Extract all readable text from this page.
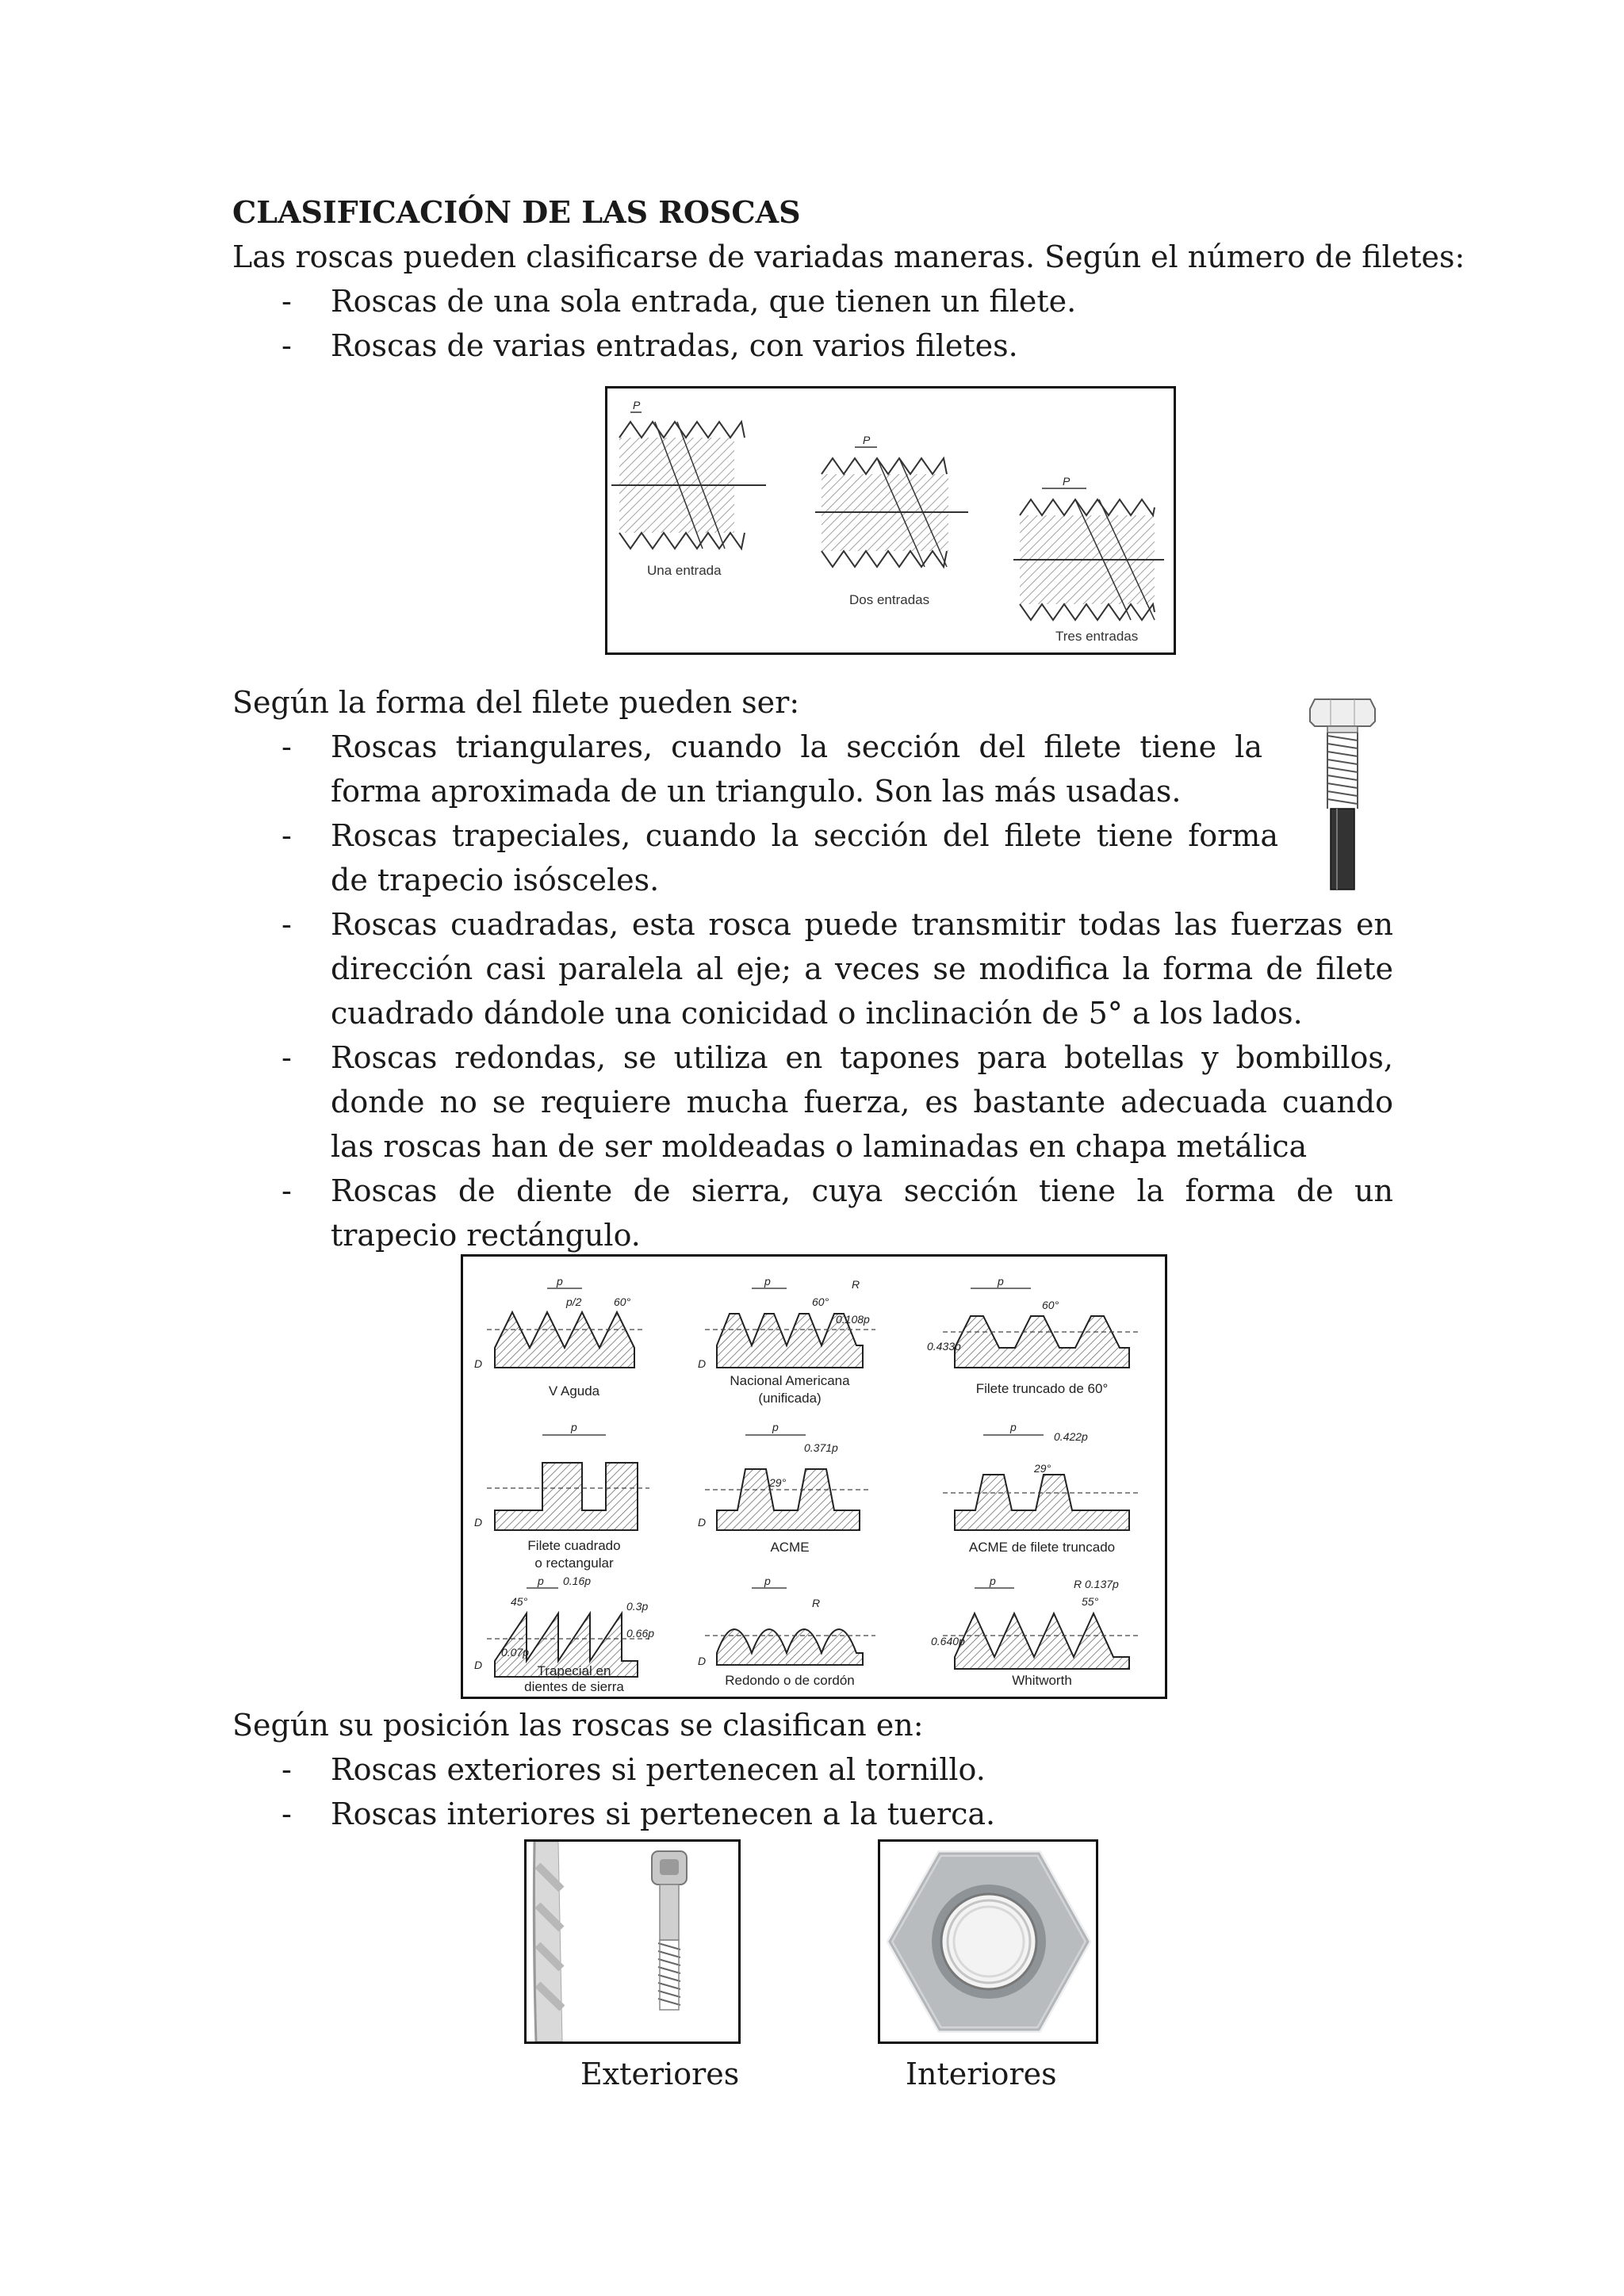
CLASIFICACIÓN DE LAS ROSCAS

Las roscas pueden clasificarse de variadas maneras. Según el número de filetes:

- Roscas de una sola entrada, que tienen un filete.
- Roscas de varias entradas, con varios filetes.
P
Una entrada
P
Dos entradas
P
Tres entradas

Según la forma del filete pueden ser:

- Roscas triangulares, cuando la sección del filete tiene la forma aproximada de un triangulo. Son las más usadas.
- Roscas trapeciales, cuando la sección del filete tiene forma de trapecio isósceles.
- Roscas cuadradas, esta rosca puede transmitir todas las fuerzas en dirección casi paralela al eje; a veces se modifica la forma de filete cuadrado dándole una conicidad o inclinación de 5° a los lados.
- Roscas redondas, se utiliza en tapones para botellas y bombillos, donde no se requiere mucha fuerza, es bastante adecuada cuando las roscas han de ser moldeadas o laminadas en chapa metálica
- Roscas de diente de sierra, cuya sección tiene la forma de un trapecio rectángulo.
p
p/2	60°
D
V Aguda
p
60°
0.108p
R
D
Nacional Americana
(unificada)
p
60°
0.433p
Filete truncado de 60°
p
D
Filete cuadrado
o rectangular
p
0.371p
29°
D
ACME
p
0.422p
29°
ACME de filete truncado
p 0.16p
45°	0.3p
0.66p
0.07p
D	Trapecial en
dientes de sierra
p
R
D
Redondo o de cordón
p	R 0.137p
55°
0.640p
Whitworth

Según su posición las roscas se clasifican en:

- Roscas exteriores si pertenecen al tornillo.
- Roscas interiores si pertenecen a la tuerca.
Exteriores	Interiores
